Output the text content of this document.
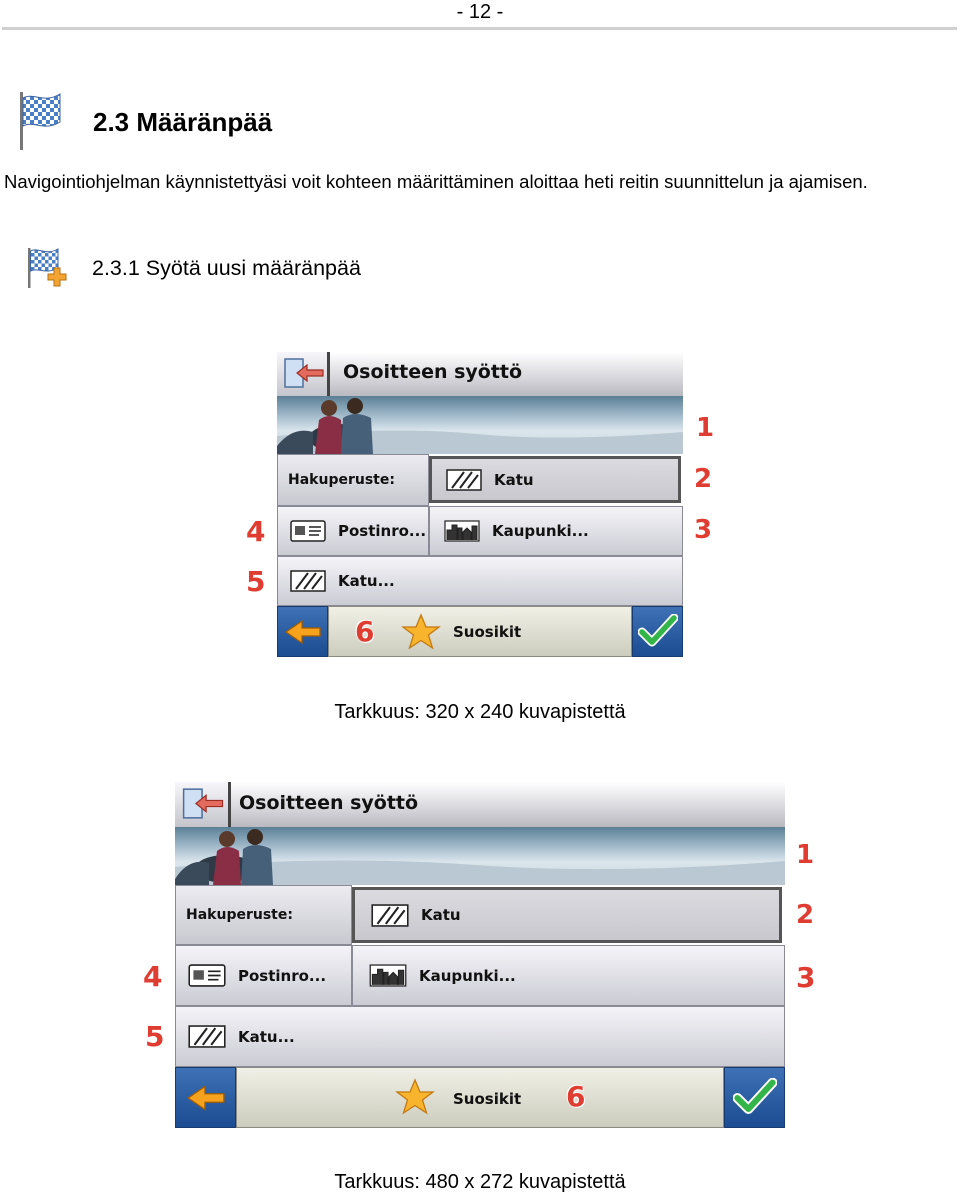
- 12 -
2.3 Määränpää
Navigointiohjelman käynnistettyäsi voit kohteen määrittäminen aloittaa heti reitin suunnittelun ja ajamisen.
2.3.1 Syötä uusi määränpää
Osoitteen syöttö
Hakuperuste:	Katu
Postinro...	Kaupunki...
Katu...
Suosikit
1
2
3
4
5
6
Tarkkuus: 320 x 240 kuvapistettä
Osoitteen syöttö
Hakuperuste:	Katu
Postinro...	Kaupunki...
Katu...
Suosikit
1
2
3
4
5
6
Tarkkuus: 480 x 272 kuvapistettä
